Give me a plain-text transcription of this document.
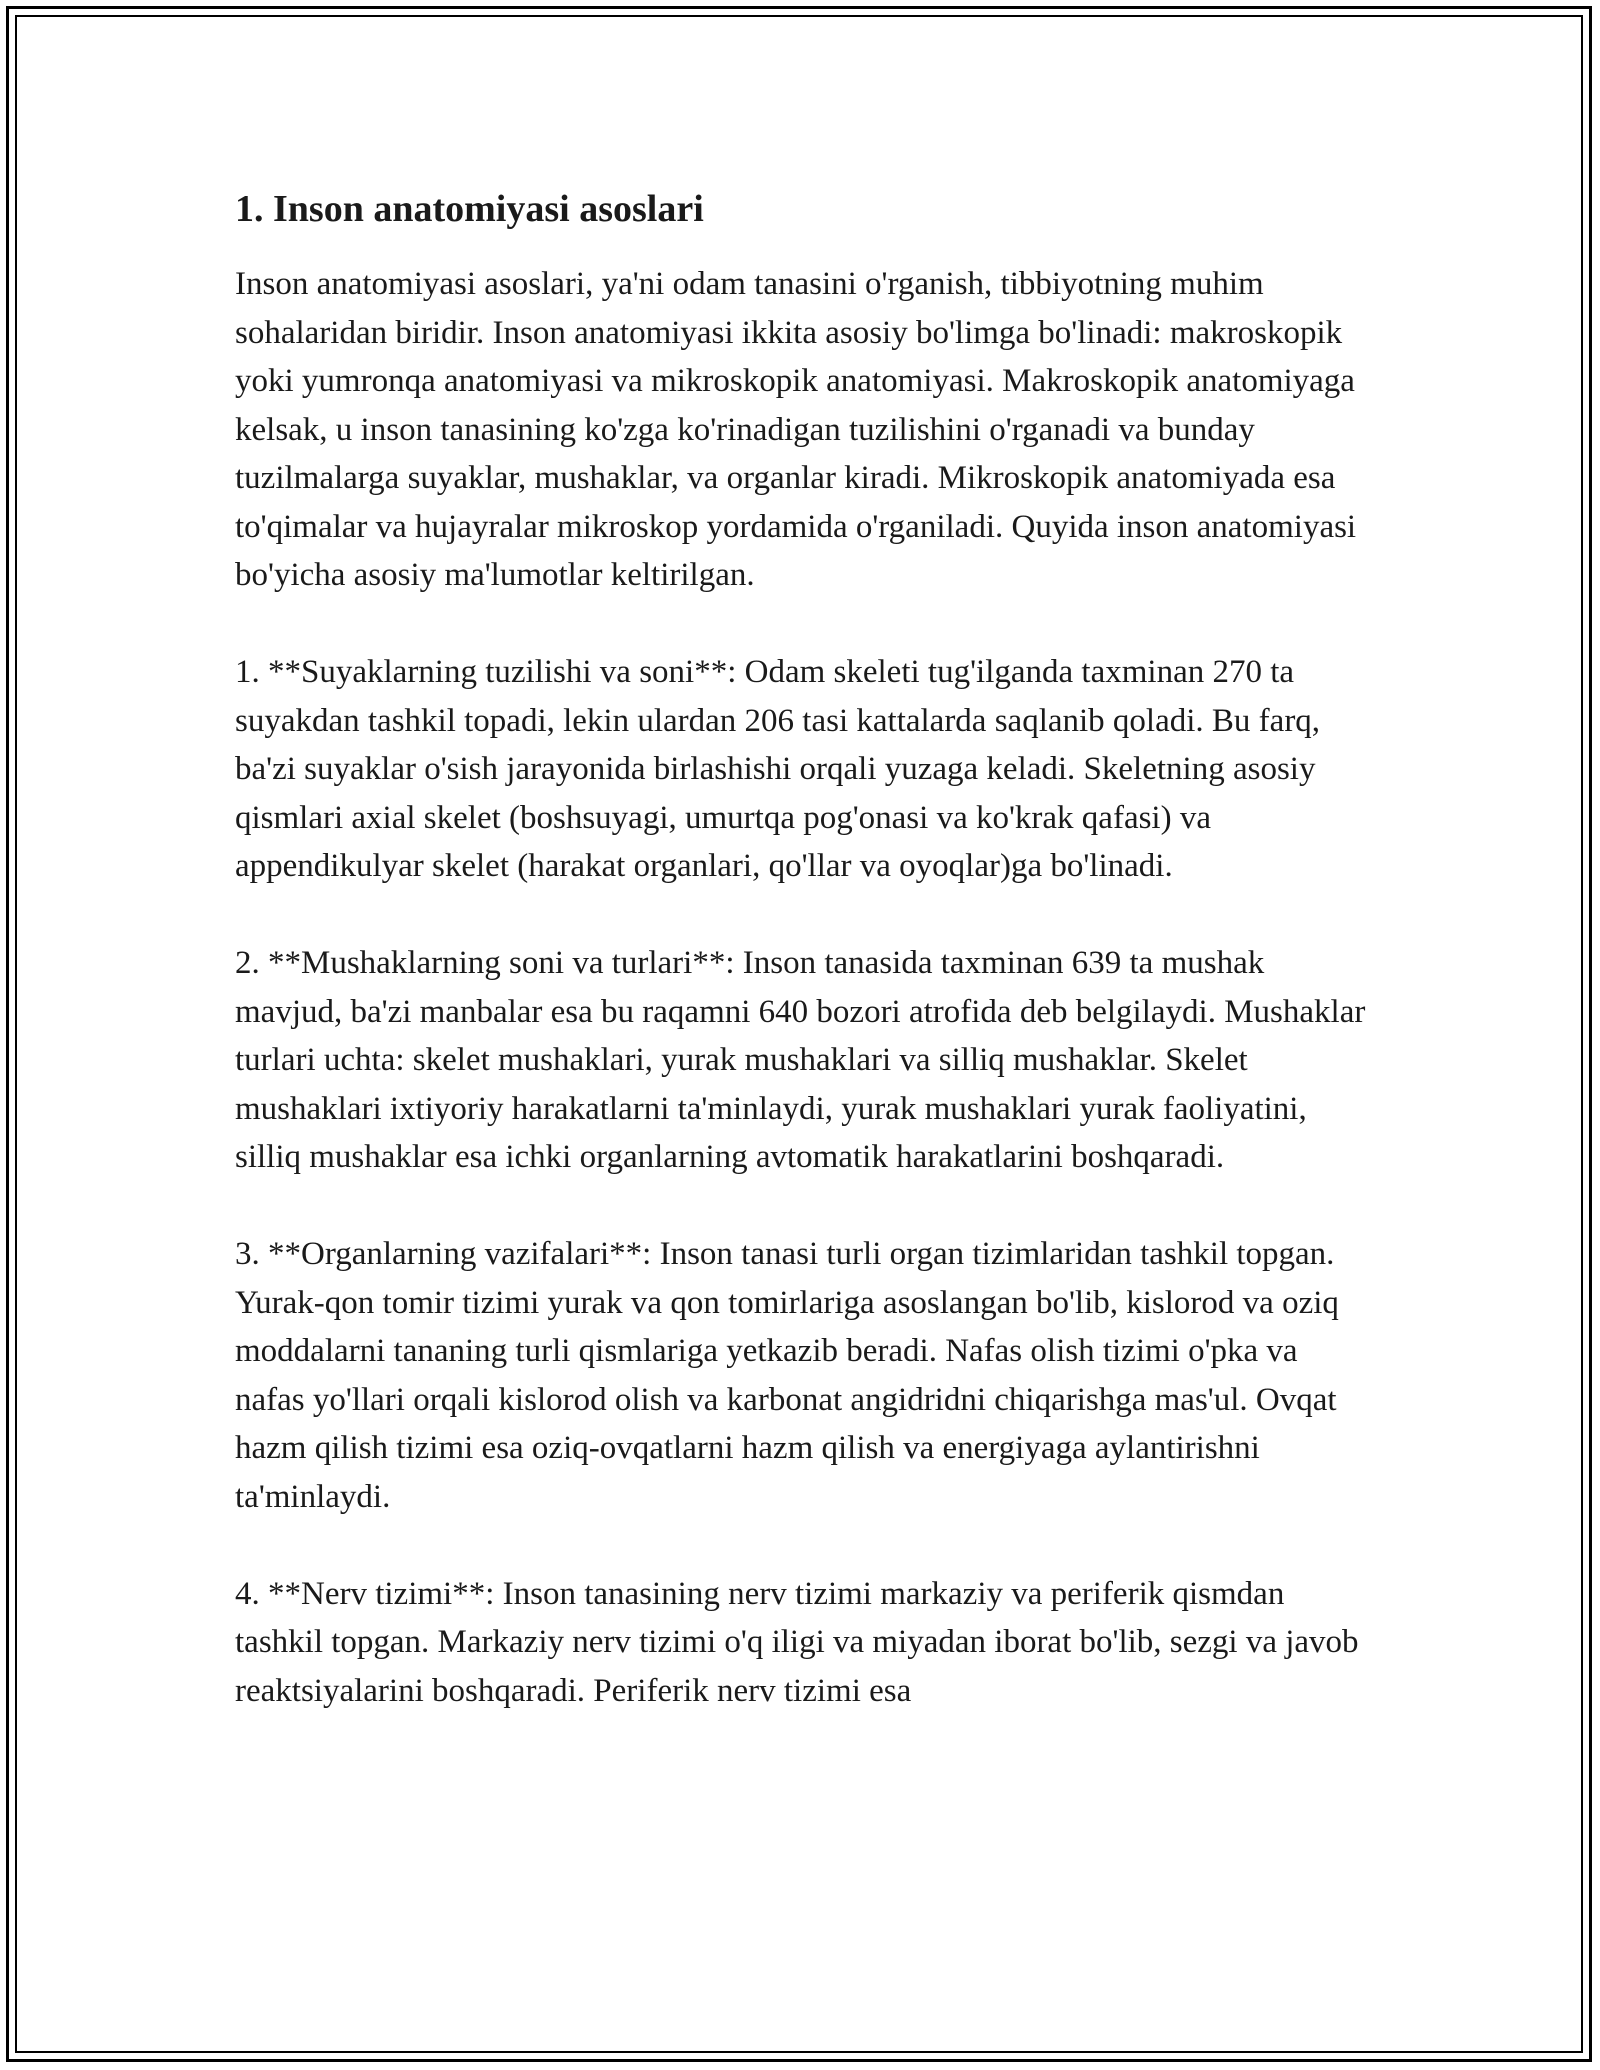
1. Inson anatomiyasi asoslari

Inson anatomiyasi asoslari, ya'ni odam tanasini o'rganish, tibbiyotning muhim sohalaridan biridir. Inson anatomiyasi ikkita asosiy bo'limga bo'linadi: makroskopik yoki yumronqa anatomiyasi va mikroskopik anatomiyasi. Makroskopik anatomiyaga kelsak, u inson tanasining ko'zga ko'rinadigan tuzilishini o'rganadi va bunday tuzilmalarga suyaklar, mushaklar, va organlar kiradi. Mikroskopik anatomiyada esa to'qimalar va hujayralar mikroskop yordamida o'rganiladi. Quyida inson anatomiyasi bo'yicha asosiy ma'lumotlar keltirilgan.

1. **Suyaklarning tuzilishi va soni**: Odam skeleti tug'ilganda taxminan 270 ta suyakdan tashkil topadi, lekin ulardan 206 tasi kattalarda saqlanib qoladi. Bu farq, ba'zi suyaklar o'sish jarayonida birlashishi orqali yuzaga keladi. Skeletning asosiy qismlari axial skelet (boshsuyagi, umurtqa pog'onasi va ko'krak qafasi) va appendikulyar skelet (harakat organlari, qo'llar va oyoqlar)ga bo'linadi.

2. **Mushaklarning soni va turlari**: Inson tanasida taxminan 639 ta mushak mavjud, ba'zi manbalar esa bu raqamni 640 bozori atrofida deb belgilaydi. Mushaklar turlari uchta: skelet mushaklari, yurak mushaklari va silliq mushaklar. Skelet mushaklari ixtiyoriy harakatlarni ta'minlaydi, yurak mushaklari yurak faoliyatini, silliq mushaklar esa ichki organlarning avtomatik harakatlarini boshqaradi.

3. **Organlarning vazifalari**: Inson tanasi turli organ tizimlaridan tashkil topgan. Yurak-qon tomir tizimi yurak va qon tomirlariga asoslangan bo'lib, kislorod va oziq moddalarni tananing turli qismlariga yetkazib beradi. Nafas olish tizimi o'pka va nafas yo'llari orqali kislorod olish va karbonat angidridni chiqarishga mas'ul. Ovqat hazm qilish tizimi esa oziq-ovqatlarni hazm qilish va energiyaga aylantirishni ta'minlaydi.

4. **Nerv tizimi**: Inson tanasining nerv tizimi markaziy va periferik qismdan tashkil topgan. Markaziy nerv tizimi o'q iligi va miyadan iborat bo'lib, sezgi va javob reaktsiyalarini boshqaradi. Periferik nerv tizimi esa
